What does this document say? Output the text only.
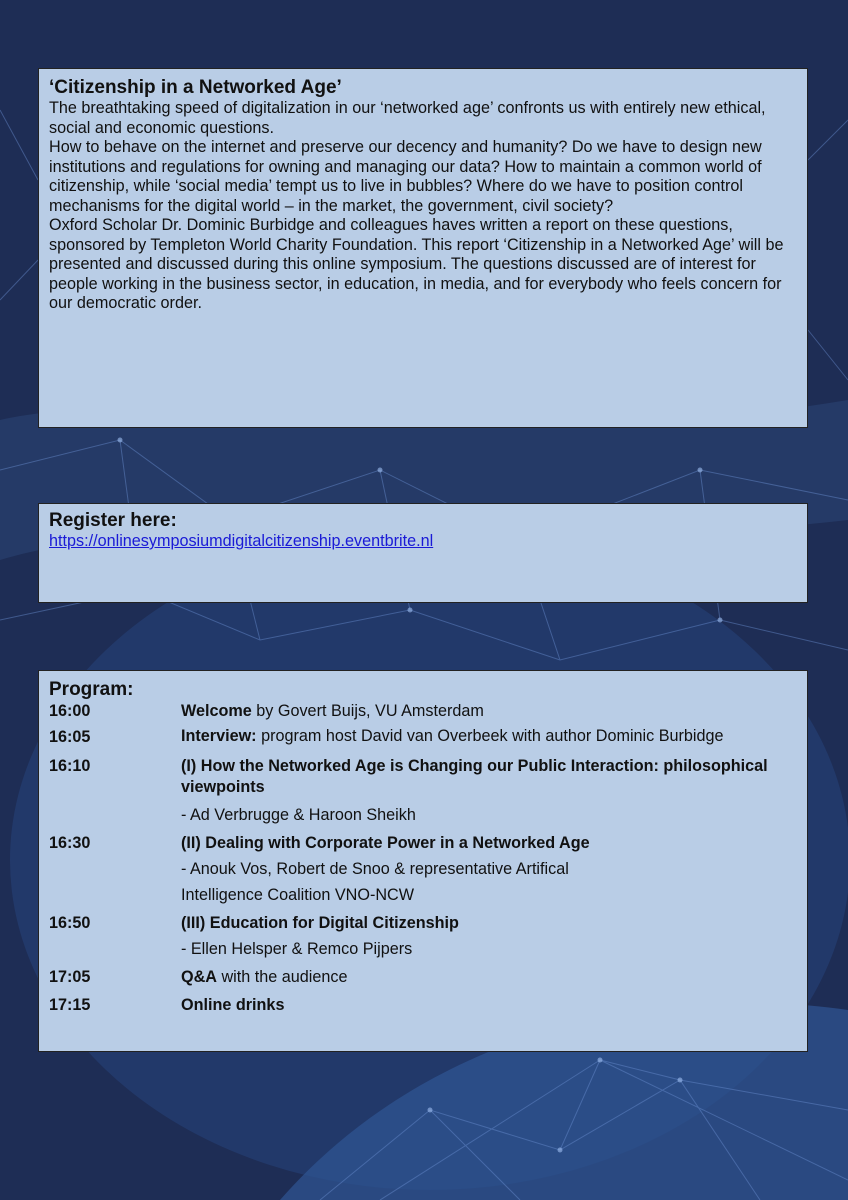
‘Citizenship in a Networked Age’
The breathtaking speed of digitalization in our ‘networked age’ confronts us with entirely new ethical, social and economic questions.
How to behave on the internet and preserve our decency and humanity? Do we have to design new institutions and regulations for owning and managing our data? How to maintain a common world of citizenship, while ‘social media’ tempt us to live in bubbles? Where do we have to position control mechanisms for the digital world – in the market, the government, civil society?
Oxford Scholar Dr. Dominic Burbidge and colleagues haves written a report on these questions, sponsored by Templeton World Charity Foundation. This report ‘Citizenship in a Networked Age’ will be presented and discussed during this online symposium. The questions discussed are of interest for people working in the business sector, in education, in media, and for everybody who feels concern for our democratic order.
Register here:
https://onlinesymposiumdigitalcitizenship.eventbrite.nl
Program:
16:00	Welcome by Govert Buijs, VU Amsterdam
16:05	Interview: program host David van Overbeek with author Dominic Burbidge
16:10	(I) How the Networked Age is Changing our Public Interaction: philosophical viewpoints
- Ad Verbrugge & Haroon Sheikh
16:30	(II) Dealing with Corporate Power in a Networked Age
- Anouk Vos, Robert de Snoo & representative Artifical
Intelligence Coalition VNO-NCW
16:50	(III) Education for Digital Citizenship
- Ellen Helsper & Remco Pijpers
17:05	Q&A with the audience
17:15	Online drinks
